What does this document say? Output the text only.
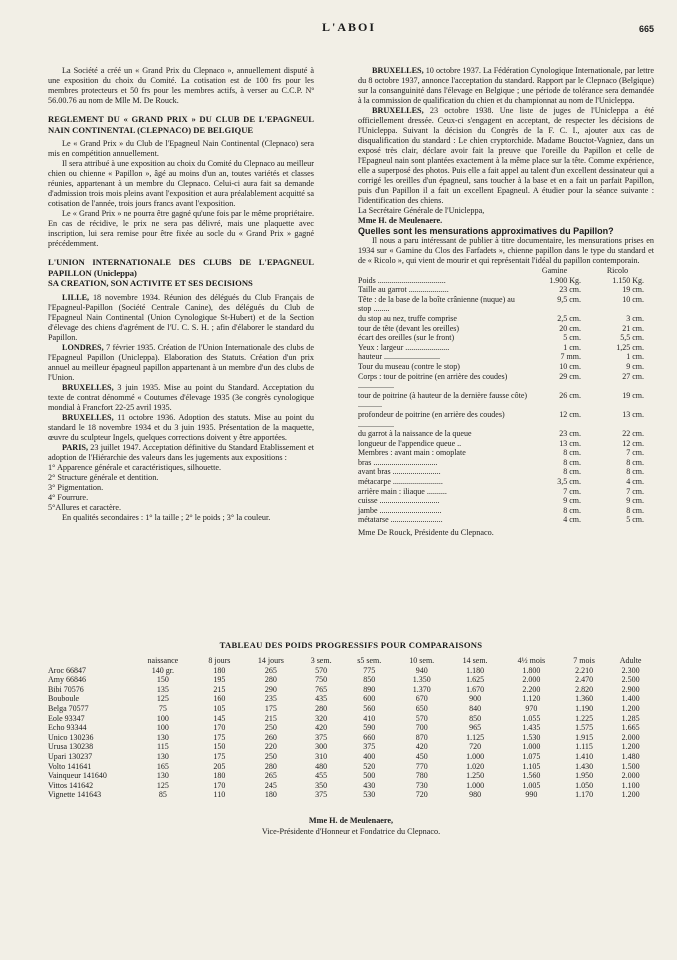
L'ABOI	665

La Société a créé un « Grand Prix du Clepnaco », annuellement disputé à une exposition du choix du Comité. La cotisation est de 100 frs pour les membres protecteurs et 50 frs pour les membres actifs, à verser au C.C.P. Nº 56.00.76 au nom de Mlle M. De Rouck.

REGLEMENT DU « GRAND PRIX » DU CLUB DE L'EPAGNEUL NAIN CONTINENTAL (CLEPNACO) DE BELGIQUE

Le « Grand Prix » du Club de l'Epagneul Nain Continental (Clepnaco) sera mis en compétition annuellement.

Il sera attribué à une exposition au choix du Comité du Clepnaco au meilleur chien ou chienne « Papillon », âgé au moins d'un an, toutes variétés et classes réunies, appartenant à un membre du Clepnaco. Celui-ci aura fait sa demande d'admission trois mois pleins avant l'exposition et aura préalablement acquitté sa cotisation de l'année, trois jours francs avant l'exposition.

Le « Grand Prix » ne pourra être gagné qu'une fois par le même propriétaire. En cas de récidive, le prix ne sera pas délivré, mais une plaquette avec inscription, lui sera remise pour être fixée au socle du « Grand Prix » gagné précédemment.

L'UNION INTERNATIONALE DES CLUBS DE L'EPAGNEUL PAPILLON (Unicleppa)

SA CREATION, SON ACTIVITE ET SES DECISIONS

LILLE, 18 novembre 1934. Réunion des délégués du Club Français de l'Epagneul-Papillon (Société Centrale Canine), des délégués du Club de l'Epagneul Nain Continental (Union Cynologique St-Hubert) et de la Section d'élevage des chiens d'agrément de l'U. C. S. H. ; afin d'élaborer le standard du Papillon.

LONDRES, 7 février 1935. Création de l'Union Internationale des clubs de l'Epagneul Papillon (Unicleppa). Elaboration des Statuts. Création d'un prix annuel au meilleur épagneul papillon appartenant à un membre d'un des clubs de l'Union.

BRUXELLES, 3 juin 1935. Mise au point du Standard. Acceptation du texte de contrat dénommé « Coutumes d'élevage 1935 (3e congrès cynologique mondial à Francfort 22-25 avril 1935.

BRUXELLES, 11 octobre 1936. Adoption des statuts. Mise au point du standard le 18 novembre 1934 et du 3 juin 1935. Présentation de la maquette, œuvre du sculpteur Ingels, quelques corrections doivent y être apportées.

PARIS, 23 juillet 1947. Acceptation définitive du Standard Etablissement et adoption de l'Hiérarchie des valeurs dans les jugements aux expositions :

1° Apparence générale et caractéristiques, silhouette.

2° Structure générale et dentition.

3° Pigmentation.

4° Fourrure.

5°Allures et caractère.

En qualités secondaires : 1° la taille ; 2° le poids ; 3° la couleur.

BRUXELLES, 10 octobre 1937. La Fédération Cynologique Internationale, par lettre du 8 octobre 1937, annonce l'acceptation du standard. Rapport par le Clepnaco (Belgique) sur la consanguinité dans l'élevage en Belgique ; une période de tolérance sera demandée à la commission de qualification du chien et du championnat au nom de l'Unicleppa.

BRUXELLES, 23 octobre 1938. Une liste de juges de l'Unicleppa a été officiellement dressée. Ceux-ci s'engagent en acceptant, de respecter les décisions de l'Unicleppa. Suivant la décision du Congrès de la F. C. I., ajouter aux cas de disqualification du standard : Le chien cryptorchide. Madame Bouctot-Vagniez, dans un exposé très clair, déclare avoir fait la preuve que l'oreille du Papillon et celle de l'Epagneul nain sont plantées exactement à la même place sur la tête. Comme expérience, elle a superposé des photos. Puis elle a fait appel au talent d'un excellent dessinateur qui a corrigé les oreilles d'un épagneul, sans toucher à la base et en a fait un parfait Papillon, puis d'un Papillon il a fait un excellent Epagneul. A étudier pour la séance suivante : l'identification des chiens.

La Secrétaire Générale de l'Unicleppa,

Mme H. de Meulenaere.

Quelles sont les mensurations approximatives du Papillon?

Il nous a paru intéressant de publier à titre documentaire, les mensurations prises en 1934 sur « Gamine du Clos des Farfadets », chienne papillon dans le type du standard et de « Ricolo », qui vient de mourir et qui représentait l'idéal du papillon contemporain.

	Gamine	Ricolo
Poids ..................................	1.900 Kg.	1.150 Kg.
Taille au garrot ....................	23 cm.	19 cm.
Tête : de la base de la boîte crânienne (nuque) au stop ........	9,5 cm.	10 cm.
du stop au nez, truffe comprise	2,5 cm.	3 cm.
tour de tête (devant les oreilles)	20 cm.	21 cm.
écart des oreilles (sur le front)	5 cm.	5,5 cm.
Yeux : largeur ......................	1 cm.	1,25 cm.
hauteur ............................	7 mm.	1 cm.
Tour du museau (contre le stop)	10 cm.	9 cm.
Corps : tour de poitrine (en arrière des coudes) ..................	29 cm.	27 cm.
tour de poitrine (à hauteur de la dernière fausse côte) ............	26 cm.	19 cm.
profondeur de poitrine (en arrière des coudes) ..................	12 cm.	13 cm.
du garrot à la naissance de la queue	23 cm.	22 cm.
longueur de l'appendice queue ..	13 cm.	12 cm.
Membres : avant main : omoplate	8 cm.	7 cm.
bras ................................	8 cm.	8 cm.
avant bras ........................	8 cm.	8 cm.
métacarpe .........................	3,5 cm.	4 cm.
arrière main : iliaque ..........	7 cm.	7 cm.
cuisse ..............................	9 cm.	9 cm.
jambe ...............................	8 cm.	8 cm.
métatarse ..........................	4 cm.	5 cm.

Mme De Rouck, Présidente du Clepnaco.

TABLEAU DES POIDS PROGRESSIFS POUR COMPARAISONS
	naissance	8 jours	14 jours	3 sem.	s5 sem.	10 sem.	14 sem.	4½ mois	7 mois	Adulte
Aroc 66847	140 gr.	180	265	570	775	940	1.180	1.800	2.210	2.300
Amy 66846	150	195	280	750	850	1.350	1.625	2.000	2.470	2.500
Bibi 70576	135	215	290	765	890	1.370	1.670	2.200	2.820	2.900
Bouboule	125	160	235	435	600	670	900	1.120	1.360	1.400
Belga 70577	75	105	175	280	560	650	840	970	1.190	1.200
Eole 93347	100	145	215	320	410	570	850	1.055	1.225	1.285
Echo 93344	100	170	250	420	590	700	965	1.435	1.575	1.665
Unico 130236	130	175	260	375	660	870	1.125	1.530	1.915	2.000
Urusa 130238	115	150	220	300	375	420	720	1.000	1.115	1.200
Upari 130237	130	175	250	310	400	450	1.000	1.075	1.410	1.480
Volto 141641	165	205	280	480	520	770	1.020	1.105	1.430	1.500
Vainqueur 141640	130	180	265	455	500	780	1.250	1.560	1.950	2.000
Vittos 141642	125	170	245	350	430	730	1.000	1.005	1.050	1.100
Vignette 141643	85	110	180	375	530	720	980	990	1.170	1.200
Mme H. de Meulenaere,
Vice-Présidente d'Honneur et Fondatrice du Clepnaco.
